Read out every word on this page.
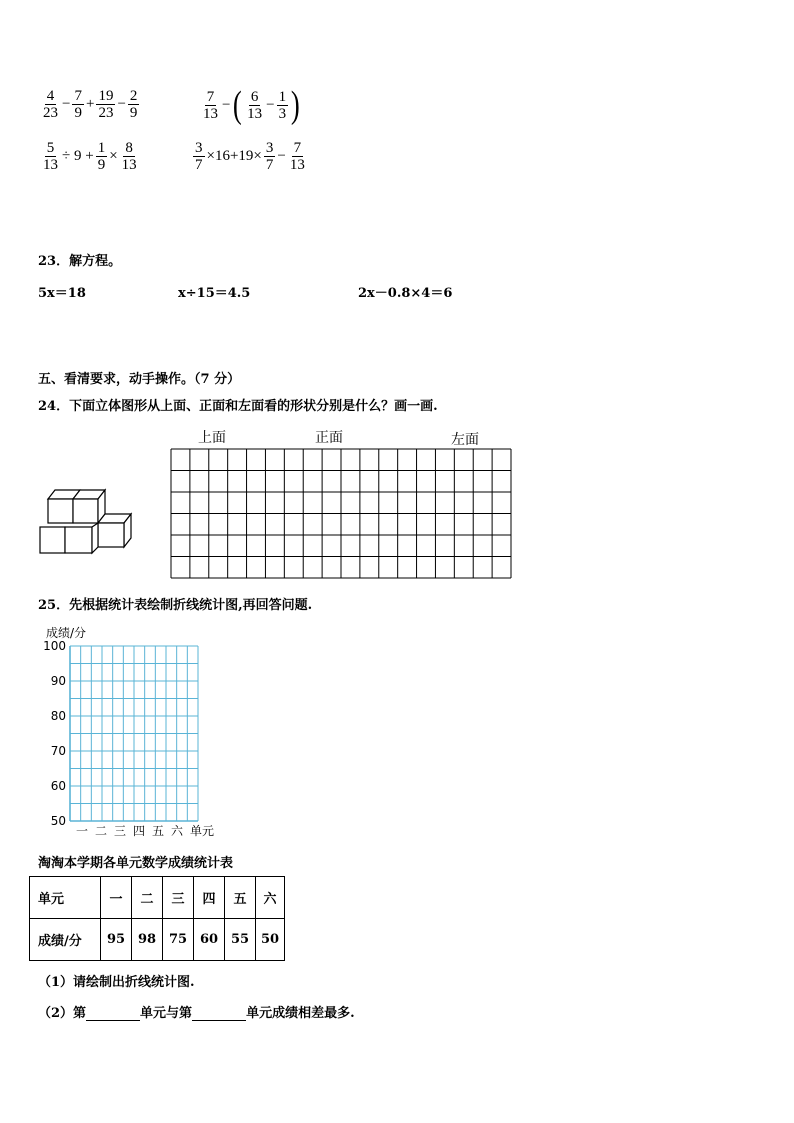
$\frac{4}{23} - \frac{7}{9} + \frac{19}{23} - \frac{2}{9}$	$\frac{7}{13}$ − ( $\frac{6}{13} - \frac{1}{3}$ )
$\frac{5}{13} \div 9 + \frac{1}{9} \times \frac{8}{13}$	$\frac{3}{7} \times 16+19\times \frac{3}{7} - \frac{7}{13}$
23．解方程。
5x＝18	x÷15＝4.5	2x－0.8×4＝6
五、看清要求，动手操作。（7 分）
24．下面立体图形从上面、正面和左面看的形状分别是什么？画一画.
上面	正面	左面
25．先根据统计表绘制折线统计图,再回答问题.
成绩/分
100
90
80
70
60
50
一 二 三 四 五 六 单元
淘淘本学期各单元数学成绩统计表
单元	一	二	三	四	五	六
成绩/分	95	98	75	60	55	50
（1）请绘制出折线统计图.
（2）第	单元与第	单元成绩相差最多.
